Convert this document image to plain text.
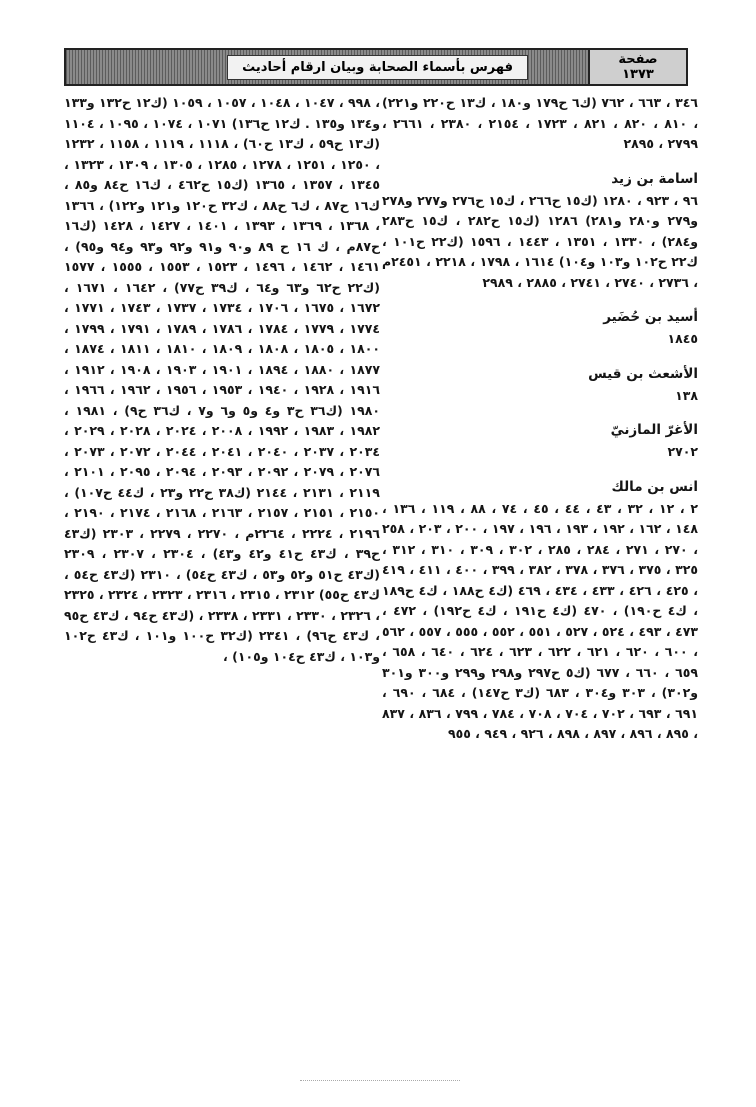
صفحة
١٣٧٣
فهرس بأسماء الصحابة وبيان ارقام أحاديث

٣٤٦ ، ٦٦٣ ، ٧٦٢ (ك٦ ح١٧٩ و١٨٠ ، ك١٣ ح٢٢٠ و٢٢١) ، ٨١٠ ، ٨٢٠ ، ٨٢١ ، ١٧٢٣ ، ٢١٥٤ ، ٢٣٨٠ ، ٢٦٦١ ، ٢٧٩٩ ، ٢٨٩٥

اسامة بن زيد

٩٦ ، ٩٢٣ ، ١٢٨٠ (ك١٥ ح٢٦٦ ، ك١٥ ح٢٧٦ و٢٧٧ و٢٧٨ و٢٧٩ و٢٨٠ و٢٨١) ١٢٨٦ (ك١٥ ح٢٨٢ ، ك١٥ ح٢٨٣ و٢٨٤) ، ١٣٣٠ ، ١٣٥١ ، ١٤٤٣ ، ١٥٩٦ (ك٢٢ ح١٠١ ، ك٢٢ ح١٠٢ و١٠٣ و١٠٤) ١٦١٤ ، ١٧٩٨ ، ٢٢١٨ ، ٢٤٥١م ، ٢٧٣٦ ، ٢٧٤٠ ، ٢٧٤١ ، ٢٨٨٥ ، ٢٩٨٩

أسيد بن حُضَير

١٨٤٥

الأشعث بن قيس

١٣٨

الأغرّ المازنيّ

٢٧٠٢

انس بن مالك

٢ ، ١٢ ، ٣٢ ، ٤٣ ، ٤٤ ، ٤٥ ، ٧٤ ، ٨٨ ، ١١٩ ، ١٣٦ ، ١٤٨ ، ١٦٢ ، ١٩٢ ، ١٩٣ ، ١٩٦ ، ١٩٧ ، ٢٠٠ ، ٢٠٣ ، ٢٥٨ ، ٢٧٠ ، ٢٧١ ، ٢٨٤ ، ٢٨٥ ، ٣٠٢ ، ٣٠٩ ، ٣١٠ ، ٣١٢ ، ٣٢٥ ، ٣٧٥ ، ٣٧٦ ، ٣٧٨ ، ٣٨٢ ، ٣٩٩ ، ٤٠٠ ، ٤١١ ، ٤١٩ ، ٤٢٥ ، ٤٢٦ ، ٤٣٣ ، ٤٣٤ ، ٤٦٩ (ك٤ ح١٨٨ ، ك٤ ح١٨٩ ، ك٤ ح١٩٠) ، ٤٧٠ (ك٤ ح١٩١ ، ك٤ ح١٩٢) ، ٤٧٢ ، ٤٧٣ ، ٤٩٣ ، ٥٢٤ ، ٥٢٧ ، ٥٥١ ، ٥٥٢ ، ٥٥٥ ، ٥٥٧ ، ٥٦٢ ، ٦٠٠ ، ٦٢٠ ، ٦٢١ ، ٦٢٢ ، ٦٢٣ ، ٦٢٤ ، ٦٤٠ ، ٦٥٨ ، ٦٥٩ ، ٦٦٠ ، ٦٧٧ (ك٥ ح٢٩٧ و٢٩٨ و٢٩٩ و٣٠٠ و٣٠١ و٣٠٢) ، ٣٠٣ و٣٠٤ ، ٦٨٣ (ك٣ ح١٤٧) ، ٦٨٤ ، ٦٩٠ ، ٦٩١ ، ٦٩٣ ، ٧٠٢ ، ٧٠٤ ، ٧٠٨ ، ٧٨٤ ، ٧٩٩ ، ٨٣٦ ، ٨٣٧ ، ٨٩٥ ، ٨٩٦ ، ٨٩٧ ، ٨٩٨ ، ٩٢٦ ، ٩٤٩ ، ٩٥٥

، ٩٩٨ ، ١٠٤٧ ، ١٠٤٨ ، ١٠٥٧ ، ١٠٥٩ (ك١٢ ح١٣٢ و١٣٣ و١٣٤ و١٣٥ . ك١٢ ح١٣٦) ١٠٧١ ، ١٠٧٤ ، ١٠٩٥ ، ١١٠٤ (ك١٣ ح٥٩ ، ك١٣ ح٦٠) ، ١١١٨ ، ١١١٩ ، ١١٥٨ ، ١٢٣٢ ، ١٢٥٠ ، ١٢٥١ ، ١٢٧٨ ، ١٢٨٥ ، ١٣٠٥ ، ١٣٠٩ ، ١٣٢٣ ، ١٣٤٥ ، ١٣٥٧ ، ١٣٦٥ (ك١٥ ح٤٦٢ ، ك١٦ ح٨٤ و٨٥ ، ك١٦ ح٨٧ ، ك٦ ح٨٨ ، ك٣٢ ح١٢٠ و١٢١ و١٢٢) ، ١٣٦٦ ، ١٣٦٨ ، ١٣٦٩ ، ١٣٩٣ ، ١٤٠١ ، ١٤٢٧ ، ١٤٢٨ (ك١٦ ح٨٧م ، ك ١٦ ح ٨٩ و٩٠ و٩١ و٩٢ و٩٣ و٩٤ و٩٥) ، ١٤٦١ ، ١٤٦٢ ، ١٤٩٦ ، ١٥٢٣ ، ١٥٥٣ ، ١٥٥٥ ، ١٥٧٧ (ك٢٢ ح٦٢ و٦٣ و٦٤ ، ك٣٩ ح٧٧) ، ١٦٤٢ ، ١٦٧١ ، ١٦٧٢ ، ١٦٧٥ ، ١٧٠٦ ، ١٧٣٤ ، ١٧٣٧ ، ١٧٤٣ ، ١٧٧١ ، ١٧٧٤ ، ١٧٧٩ ، ١٧٨٤ ، ١٧٨٦ ، ١٧٨٩ ، ١٧٩١ ، ١٧٩٩ ، ١٨٠٠ ، ١٨٠٥ ، ١٨٠٨ ، ١٨٠٩ ، ١٨١٠ ، ١٨١١ ، ١٨٧٤ ، ١٨٧٧ ، ١٨٨٠ ، ١٨٩٤ ، ١٩٠١ ، ١٩٠٣ ، ١٩٠٨ ، ١٩١٢ ، ١٩١٦ ، ١٩٢٨ ، ١٩٤٠ ، ١٩٥٣ ، ١٩٥٦ ، ١٩٦٢ ، ١٩٦٦ ، ١٩٨٠ (ك٣٦ ح٣ و٤ و٥ و٦ و٧ ، ك٣٦ ح٩) ، ١٩٨١ ، ١٩٨٢ ، ١٩٨٣ ، ١٩٩٢ ، ٢٠٠٨ ، ٢٠٢٤ ، ٢٠٢٨ ، ٢٠٢٩ ، ٢٠٣٤ ، ٢٠٣٧ ، ٢٠٤٠ ، ٢٠٤١ ، ٢٠٤٤ ، ٢٠٧٢ ، ٢٠٧٣ ، ٢٠٧٦ ، ٢٠٧٩ ، ٢٠٩٢ ، ٢٠٩٣ ، ٢٠٩٤ ، ٢٠٩٥ ، ٢١٠١ ، ٢١١٩ ، ٢١٣١ ، ٢١٤٤ (ك٣٨ ح٢٢ و٢٣ ، ك٤٤ ح١٠٧) ، ٢١٥٠ ، ٢١٥١ ، ٢١٥٧ ، ٢١٦٣ ، ٢١٦٨ ، ٢١٧٤ ، ٢١٩٠ ، ٢١٩٦ ، ٢٢٢٤ ، ٢٢٦٤م ، ٢٢٧٠ ، ٢٢٧٩ ، ٢٣٠٣ (ك٤٣ ح٣٩ ، ك٤٣ ح٤١ و٤٢ و٤٣) ، ٢٣٠٤ ، ٢٣٠٧ ، ٢٣٠٩ (ك٤٣ ح٥١ و٥٢ و٥٣ ، ك٤٣ ح٥٤) ، ٢٣١٠ (ك٤٣ ح٥٤ ، ك٤٣ ح٥٥) ٢٣١٢ ، ٢٣١٥ ، ٢٣١٦ ، ٢٣٢٣ ، ٢٣٢٤ ، ٢٣٢٥ ، ٢٣٢٦ ، ٢٣٣٠ ، ٢٣٣١ ، ٢٣٣٨ ، (ك٤٣ ح٩٤ ، ك٤٣ ح٩٥ ، ك٤٣ ح٩٦) ، ٢٣٤١ (ك٣٢ ح١٠٠ و١٠١ ، ك٤٣ ح١٠٢ و١٠٣ ، ك٤٣ ح١٠٤ و١٠٥) ،
